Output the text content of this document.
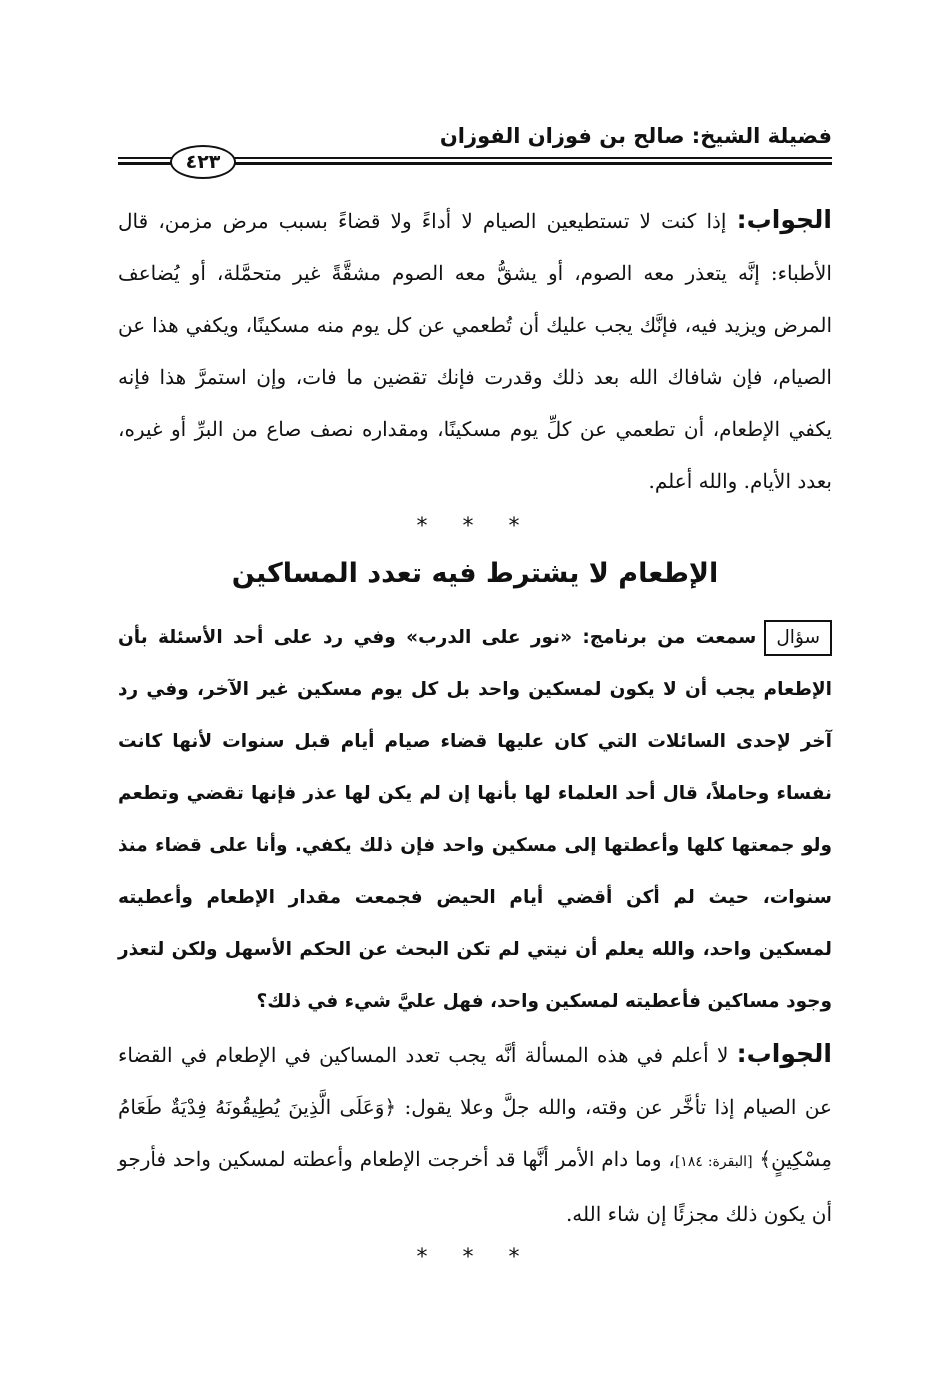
فضيلة الشيخ: صالح بن فوزان الفوزان
٤٢٣

الجواب: إذا كنت لا تستطيعين الصيام لا أداءً ولا قضاءً بسبب مرض مزمن، قال الأطباء: إنَّه يتعذر معه الصوم، أو يشقُّ معه الصوم مشقَّةً غير متحمَّلة، أو يُضاعف المرض ويزيد فيه، فإنَّك يجب عليك أن تُطعمي عن كل يوم منه مسكينًا، ويكفي هذا عن الصيام، فإن شافاك الله بعد ذلك وقدرت فإنك تقضين ما فات، وإن استمرَّ هذا فإنه يكفي الإطعام، أن تطعمي عن كلِّ يوم مسكينًا، ومقداره نصف صاع من البرِّ أو غيره، بعدد الأيام. والله أعلم.

* * *
الإطعام لا يشترط فيه تعدد المساكين

سؤالسمعت من برنامج: «نور على الدرب» وفي رد على أحد الأسئلة بأن الإطعام يجب أن لا يكون لمسكين واحد بل كل يوم مسكين غير الآخر، وفي رد آخر لإحدى السائلات التي كان عليها قضاء صيام أيام قبل سنوات لأنها كانت نفساء وحاملاً، قال أحد العلماء لها بأنها إن لم يكن لها عذر فإنها تقضي وتطعم ولو جمعتها كلها وأعطتها إلى مسكين واحد فإن ذلك يكفي. وأنا على قضاء منذ سنوات، حيث لم أكن أقضي أيام الحيض فجمعت مقدار الإطعام وأعطيته لمسكين واحد، والله يعلم أن نيتي لم تكن البحث عن الحكم الأسهل ولكن لتعذر وجود مساكين فأعطيته لمسكين واحد، فهل عليَّ شيء في ذلك؟

الجواب: لا أعلم في هذه المسألة أنَّه يجب تعدد المساكين في الإطعام في القضاء عن الصيام إذا تأخَّر عن وقته، والله جلَّ وعلا يقول: ﴿وَعَلَى الَّذِينَ يُطِيقُونَهُ فِدْيَةٌ طَعَامُ مِسْكِينٍ﴾ [البقرة: ١٨٤]، وما دام الأمر أنَّها قد أخرجت الإطعام وأعطته لمسكين واحد فأرجو أن يكون ذلك مجزئًا إن شاء الله.

* * *
